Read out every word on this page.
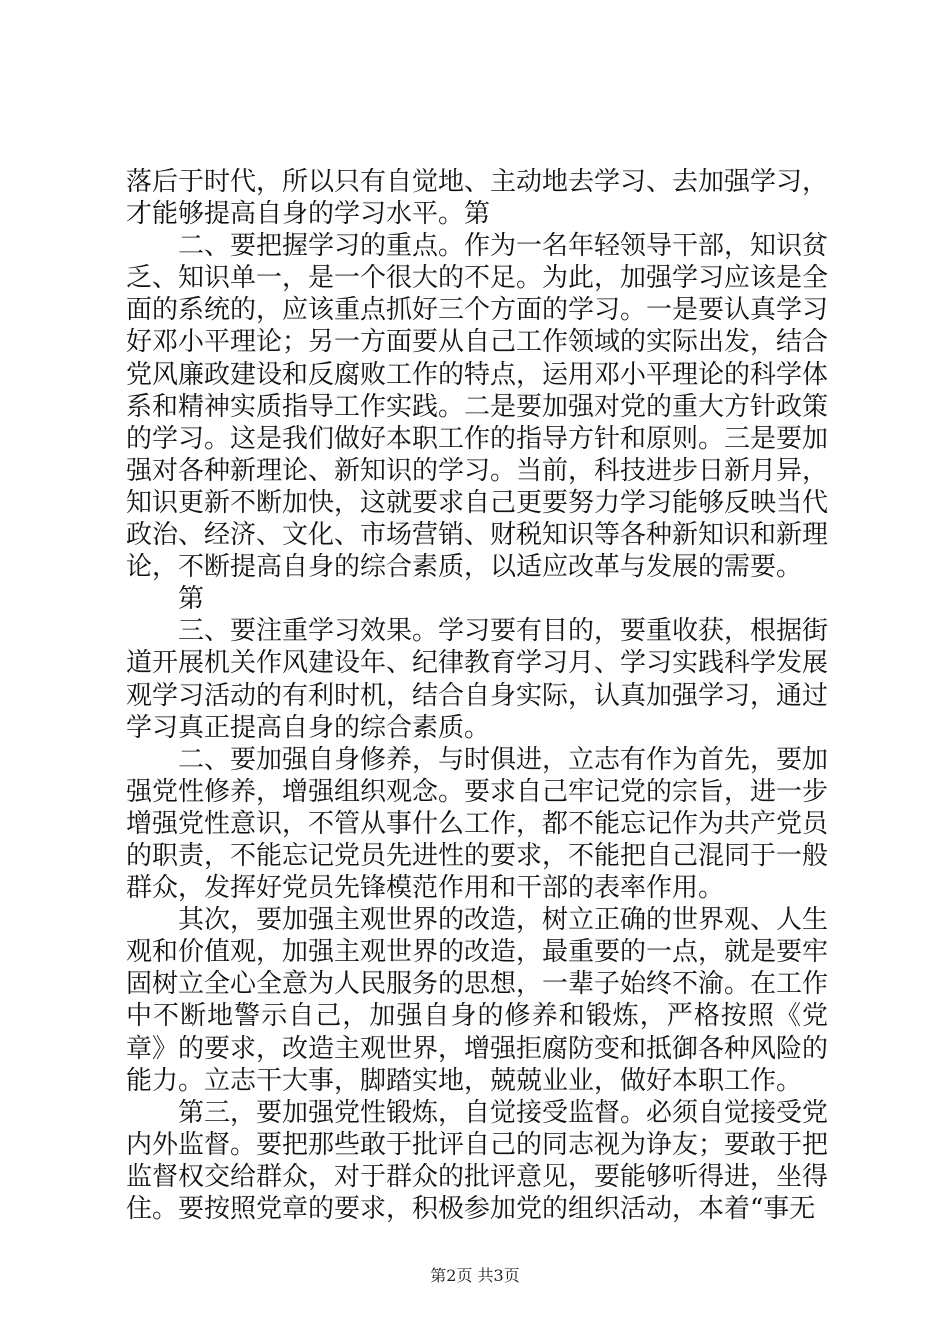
落后于时代，所以只有自觉地、主动地去学习、去加强学习，才能够提高自身的学习水平。第

二、要把握学习的重点。作为一名年轻领导干部，知识贫乏、知识单一，是一个很大的不足。为此，加强学习应该是全面的系统的，应该重点抓好三个方面的学习。一是要认真学习好邓小平理论；另一方面要从自己工作领域的实际出发，结合党风廉政建设和反腐败工作的特点，运用邓小平理论的科学体系和精神实质指导工作实践。二是要加强对党的重大方针政策的学习。这是我们做好本职工作的指导方针和原则。三是要加强对各种新理论、新知识的学习。当前，科技进步日新月异，知识更新不断加快，这就要求自己更要努力学习能够反映当代政治、经济、文化、市场营销、财税知识等各种新知识和新理论，不断提高自身的综合素质，以适应改革与发展的需要。

第

三、要注重学习效果。学习要有目的，要重收获，根据街道开展机关作风建设年、纪律教育学习月、学习实践科学发展观学习活动的有利时机，结合自身实际，认真加强学习，通过学习真正提高自身的综合素质。

二、要加强自身修养，与时俱进，立志有作为首先，要加强党性修养，增强组织观念。要求自己牢记党的宗旨，进一步增强党性意识，不管从事什么工作，都不能忘记作为共产党员的职责，不能忘记党员先进性的要求，不能把自己混同于一般群众，发挥好党员先锋模范作用和干部的表率作用。

其次，要加强主观世界的改造，树立正确的世界观、人生观和价值观，加强主观世界的改造，最重要的一点，就是要牢固树立全心全意为人民服务的思想，一辈子始终不渝。在工作中不断地警示自己，加强自身的修养和锻炼，严格按照《党章》的要求，改造主观世界，增强拒腐防变和抵御各种风险的能力。立志干大事，脚踏实地，兢兢业业，做好本职工作。

第三，要加强党性锻炼，自觉接受监督。必须自觉接受党内外监督。要把那些敢于批评自己的同志视为诤友；要敢于把监督权交给群众，对于群众的批评意见，要能够听得进，坐得住。要按照党章的要求，积极参加党的组织活动，本着“事无

第2页 共3页
